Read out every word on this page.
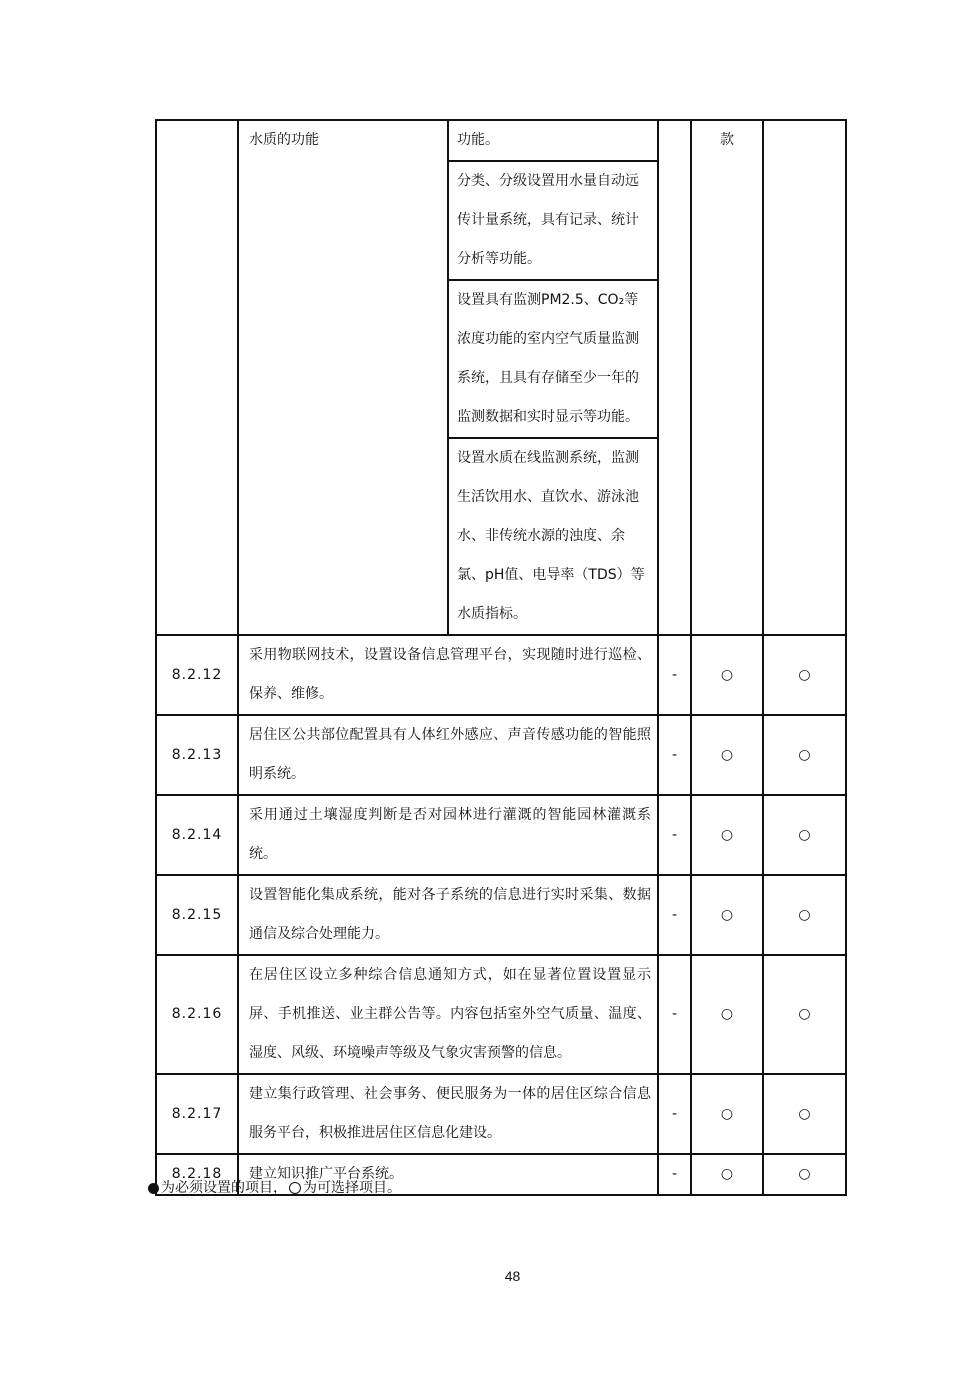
	水质的功能	功能。		款	
		分类、分级设置用水量自动远传计量系统，具有记录、统计分析等功能。			
		设置具有监测PM2.5、CO₂等浓度功能的室内空气质量监测系统，且具有存储至少一年的监测数据和实时显示等功能。			
		设置水质在线监测系统，监测生活饮用水、直饮水、游泳池水、非传统水源的浊度、余氯、pH值、电导率（TDS）等水质指标。			
8.2.12	采用物联网技术，设置设备信息管理平台，实现随时进行巡检、保养、维修。		-	○	○
8.2.13	居住区公共部位配置具有人体红外感应、声音传感功能的智能照明系统。		-	○	○
8.2.14	采用通过土壤湿度判断是否对园林进行灌溉的智能园林灌溉系统。		-	○	○
8.2.15	设置智能化集成系统，能对各子系统的信息进行实时采集、数据通信及综合处理能力。		-	○	○
8.2.16	在居住区设立多种综合信息通知方式，如在显著位置设置显示屏、手机推送、业主群公告等。内容包括室外空气质量、温度、湿度、风级、环境噪声等级及气象灾害预警的信息。		-	○	○
8.2.17	建立集行政管理、社会事务、便民服务为一体的居住区综合信息服务平台，积极推进居住区信息化建设。		-	○	○
8.2.18	建立知识推广平台系统。		-	○	○
为必须设置的项目， 为可选择项目。
48
